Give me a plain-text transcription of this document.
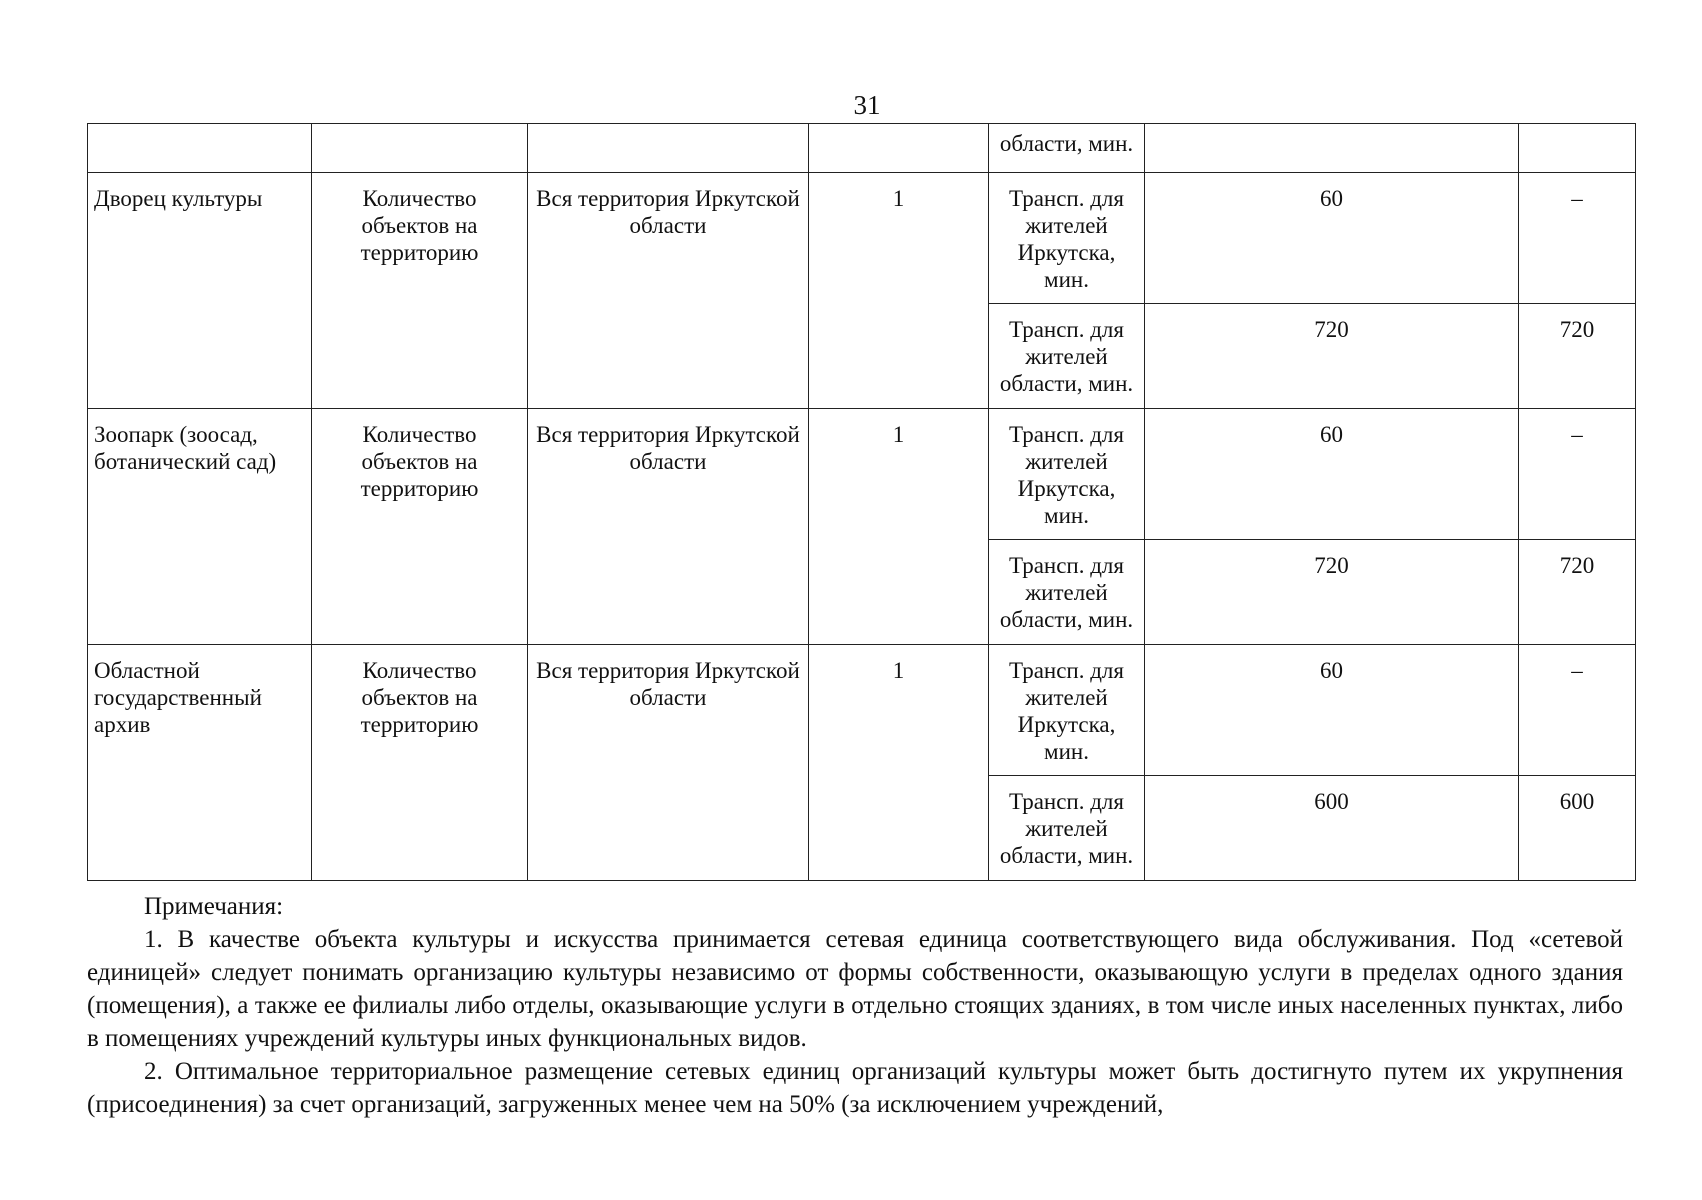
31
				области, мин.		
Дворец культуры	Количество объектов на территорию	Вся территория Иркутской области	1	Трансп. для жителей Иркутска, мин.	60	–
				Трансп. для жителей области, мин.	720	720
Зоопарк (зоосад, ботанический сад)	Количество объектов на территорию	Вся территория Иркутской области	1	Трансп. для жителей Иркутска, мин.	60	–
				Трансп. для жителей области, мин.	720	720
Областной государственный архив	Количество объектов на территорию	Вся территория Иркутской области	1	Трансп. для жителей Иркутска, мин.	60	–
				Трансп. для жителей области, мин.	600	600

Примечания:

1. В качестве объекта культуры и искусства принимается сетевая единица соответствующего вида обслуживания. Под «сетевой единицей» следует понимать организацию культуры независимо от формы собственности, оказывающую услуги в пределах одного здания (помещения), а также ее филиалы либо отделы, оказывающие услуги в отдельно стоящих зданиях, в том числе иных населенных пунктах, либо в помещениях учреждений культуры иных функциональных видов.

2. Оптимальное территориальное размещение сетевых единиц организаций культуры может быть достигнуто путем их укрупнения (присоединения) за счет организаций, загруженных менее чем на 50% (за исключением учреждений,
